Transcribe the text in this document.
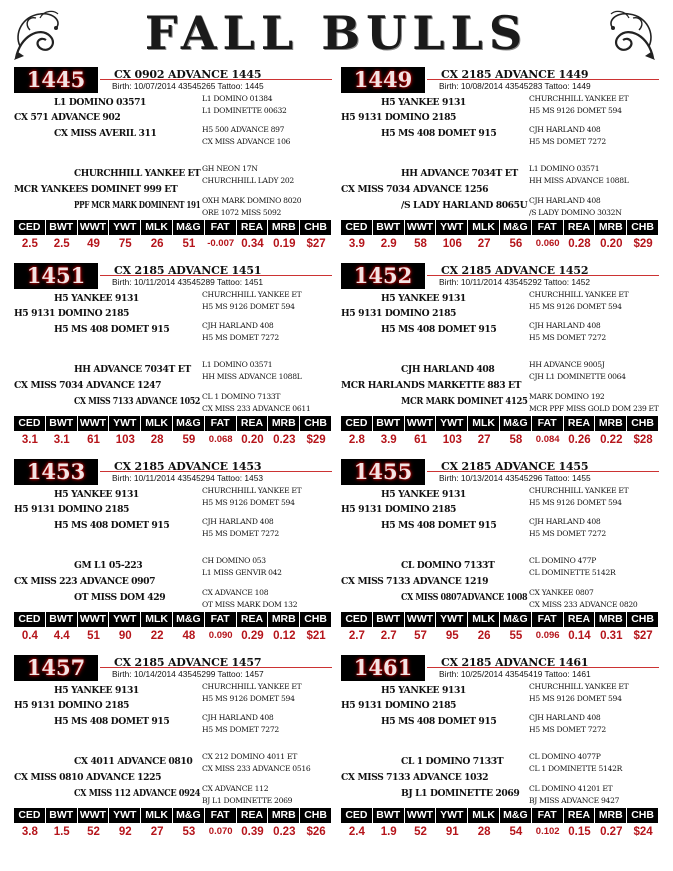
FALL BULLS
1445	CX 0902 ADVANCE 1445
Birth: 10/07/2014 43545265 Tattoo: 1445
L1 DOMINO 03571
CX 571 ADVANCE 902
CX MISS AVERIL 311
L1 DOMINO 01384
L1 DOMINETTE 00632
H5 500 ADVANCE 897
CX MISS ADVANCE 106
CHURCHHILL YANKEE ET
MCR YANKEES DOMINET 999 ET
PPF MCR MARK DOMINENT 191
GH NEON 17N
CHURCHHILL LADY 202
OXH MARK DOMINO 8020
ORE 1072 MISS 5092
CED BWT WWT YWT MLK M&G FAT	REA MRB CHB
2.5	2.5	49	75	26	51	-0.007 0.34 0.19 $27
1449	CX 2185 ADVANCE 1449
Birth: 10/08/2014 43545283 Tattoo: 1449
H5 YANKEE 9131
H5 9131 DOMINO 2185
H5 MS 408 DOMET 915
CHURCHHILL YANKEE ET
H5 MS 9126 DOMET 594
CJH HARLAND 408
H5 MS DOMET 7272
HH ADVANCE 7034T ET
CX MISS 7034 ADVANCE 1256
/S LADY HARLAND 8065U
L1 DOMINO 03571
HH MISS ADVANCE 1088L
CJH HARLAND 408
/S LADY DOMINO 3032N
CED BWT WWT YWT MLK M&G FAT	REA MRB CHB
3.9	2.9	58	106	27	56	0.060 0.28 0.20 $29
1451	CX 2185 ADVANCE 1451
Birth: 10/11/2014 43545289 Tattoo: 1451
H5 YANKEE 9131
H5 9131 DOMINO 2185
H5 MS 408 DOMET 915
CHURCHHILL YANKEE ET
H5 MS 9126 DOMET 594
CJH HARLAND 408
H5 MS DOMET 7272
HH ADVANCE 7034T ET
CX MISS 7034 ADVANCE 1247
CX MISS 7133 ADVANCE 1052
L1 DOMINO 03571
HH MISS ADVANCE 1088L
CL 1 DOMINO 7133T
CX MISS 233 ADVANCE 0611
CED BWT WWT YWT MLK M&G FAT	REA MRB CHB
3.1	3.1	61	103	28	59	0.068 0.20 0.23 $29
1452	CX 2185 ADVANCE 1452
Birth: 10/11/2014 43545292 Tattoo: 1452
H5 YANKEE 9131
H5 9131 DOMINO 2185
H5 MS 408 DOMET 915
CHURCHHILL YANKEE ET
H5 MS 9126 DOMET 594
CJH HARLAND 408
H5 MS DOMET 7272
CJH HARLAND 408
MCR HARLANDS MARKETTE 883 ET
MCR MARK DOMINET 4125
HH ADVANCE 9005J
CJH L1 DOMINETTE 0064
MARK DOMINO 192
MCR PPF MISS GOLD DOM 239 ET
CED BWT WWT YWT MLK M&G FAT	REA MRB CHB
2.8	3.9	61	103	27	58	0.084 0.26 0.22 $28
1453	CX 2185 ADVANCE 1453
Birth: 10/11/2014 43545294 Tattoo: 1453
H5 YANKEE 9131
H5 9131 DOMINO 2185
H5 MS 408 DOMET 915
CHURCHHILL YANKEE ET
H5 MS 9126 DOMET 594
CJH HARLAND 408
H5 MS DOMET 7272
GM L1 05-223
CX MISS 223 ADVANCE 0907
OT MISS DOM 429
CH DOMINO 053
L1 MISS GENVIR 042
CX ADVANCE 108
OT MISS MARK DOM 132
CED BWT WWT YWT MLK M&G FAT	REA MRB CHB
0.4	4.4	51	90	22	48	0.090 0.29 0.12 $21
1455	CX 2185 ADVANCE 1455
Birth: 10/13/2014 43545296 Tattoo: 1455
H5 YANKEE 9131
H5 9131 DOMINO 2185
H5 MS 408 DOMET 915
CHURCHHILL YANKEE ET
H5 MS 9126 DOMET 594
CJH HARLAND 408
H5 MS DOMET 7272
CL DOMINO 7133T
CX MISS 7133 ADVANCE 1219
CX MISS 0807ADVANCE 1008
CL DOMINO 477P
CL DOMINETTE 5142R
CX YANKEE 0807
CX MISS 233 ADVANCE 0820
CED BWT WWT YWT MLK M&G FAT	REA MRB CHB
2.7	2.7	57	95	26	55	0.096 0.14 0.31 $27
1457	CX 2185 ADVANCE 1457
Birth: 10/14/2014 43545299 Tattoo: 1457
H5 YANKEE 9131
H5 9131 DOMINO 2185
H5 MS 408 DOMET 915
CHURCHHILL YANKEE ET
H5 MS 9126 DOMET 594
CJH HARLAND 408
H5 MS DOMET 7272
CX 4011 ADVANCE 0810
CX MISS 0810 ADVANCE 1225
CX MISS 112 ADVANCE 0924
CX 212 DOMINO 4011 ET
CX MISS 233 ADVANCE 0516
CX ADVANCE 112
BJ L1 DOMINETTE 2069
CED BWT WWT YWT MLK M&G FAT	REA MRB CHB
3.8	1.5	52	92	27	53	0.070 0.39 0.23 $26
1461	CX 2185 ADVANCE 1461
Birth: 10/25/2014 43545419 Tattoo: 1461
H5 YANKEE 9131
H5 9131 DOMINO 2185
H5 MS 408 DOMET 915
CHURCHHILL YANKEE ET
H5 MS 9126 DOMET 594
CJH HARLAND 408
H5 MS DOMET 7272
CL 1 DOMINO 7133T
CX MISS 7133 ADVANCE 1032
BJ L1 DOMINETTE 2069
CL DOMINO 4077P
CL 1 DOMINETTE 5142R
CL DOMINO 41201 ET
BJ MISS ADVANCE 9427
CED BWT WWT YWT MLK M&G FAT	REA MRB CHB
2.4	1.9	52	91	28	54	0.102 0.15 0.27 $24
